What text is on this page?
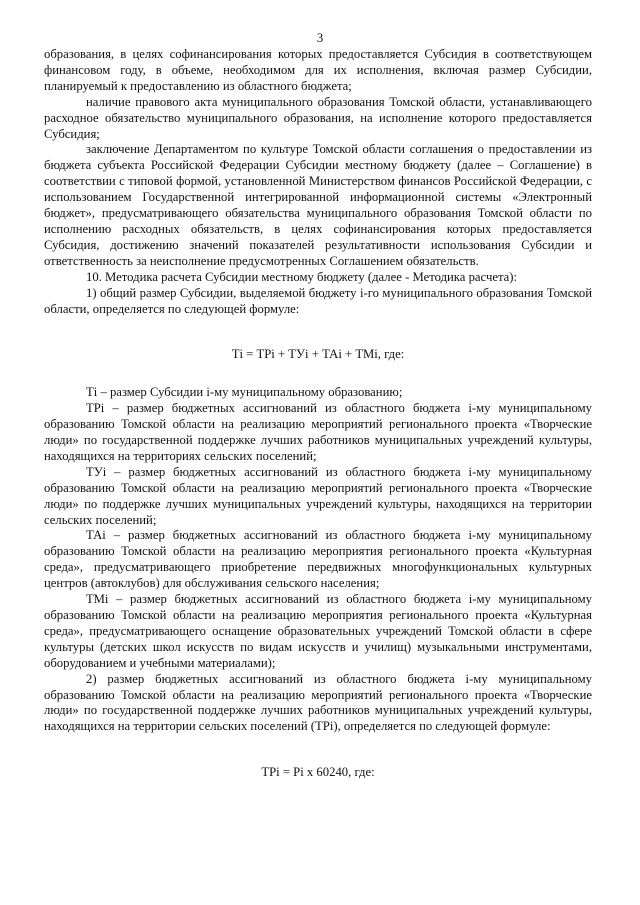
3

образования, в целях софинансирования которых предоставляется Субсидия в соответствующем финансовом году, в объеме, необходимом для их исполнения, включая размер Субсидии, планируемый к предоставлению из областного бюджета;

наличие правового акта муниципального образования Томской области, устанавливающего расходное обязательство муниципального образования, на исполнение которого предоставляется Субсидия;

заключение Департаментом по культуре Томской области соглашения о предоставлении из бюджета субъекта Российской Федерации Субсидии местному бюджету (далее – Соглашение) в соответствии с типовой формой, установленной Министерством финансов Российской Федерации, с использованием Государственной интегрированной информационной системы «Электронный бюджет», предусматривающего обязательства муниципального образования Томской области по исполнению расходных обязательств, в целях софинансирования которых предоставляется Субсидия, достижению значений показателей результативности использования Субсидии и ответственность за неисполнение предусмотренных Соглашением обязательств.

10. Методика расчета Субсидии местному бюджету (далее - Методика расчета):

1) общий размер Субсидии, выделяемой бюджету i-го муниципального образования Томской области, определяется по следующей формуле:

Тi = ТРi + ТУi + ТАi + ТМi, где:

Тi – размер Субсидии i-му муниципальному образованию;

ТРi – размер бюджетных ассигнований из областного бюджета i-му муниципальному образованию Томской области на реализацию мероприятий регионального проекта «Творческие люди» по государственной поддержке лучших работников муниципальных учреждений культуры, находящихся на территориях сельских поселений;

ТУi – размер бюджетных ассигнований из областного бюджета i-му муниципальному образованию Томской области на реализацию мероприятий регионального проекта «Творческие люди» по поддержке лучших муниципальных учреждений культуры, находящихся на территории сельских поселений;

ТАi – размер бюджетных ассигнований из областного бюджета i-му муниципальному образованию Томской области на реализацию мероприятия регионального проекта «Культурная среда», предусматривающего приобретение передвижных многофункциональных культурных центров (автоклубов) для обслуживания сельского населения;

ТМi – размер бюджетных ассигнований из областного бюджета i-му муниципальному образованию Томской области на реализацию мероприятия регионального проекта «Культурная среда», предусматривающего оснащение образовательных учреждений Томской области в сфере культуры (детских школ искусств по видам искусств и училищ) музыкальными инструментами, оборудованием и учебными материалами);

2) размер бюджетных ассигнований из областного бюджета i-му муниципальному образованию Томской области на реализацию мероприятий регионального проекта «Творческие люди» по государственной поддержке лучших работников муниципальных учреждений культуры, находящихся на территории сельских поселений (ТРi), определяется по следующей формуле:

ТРi = Рi х 60240, где:
